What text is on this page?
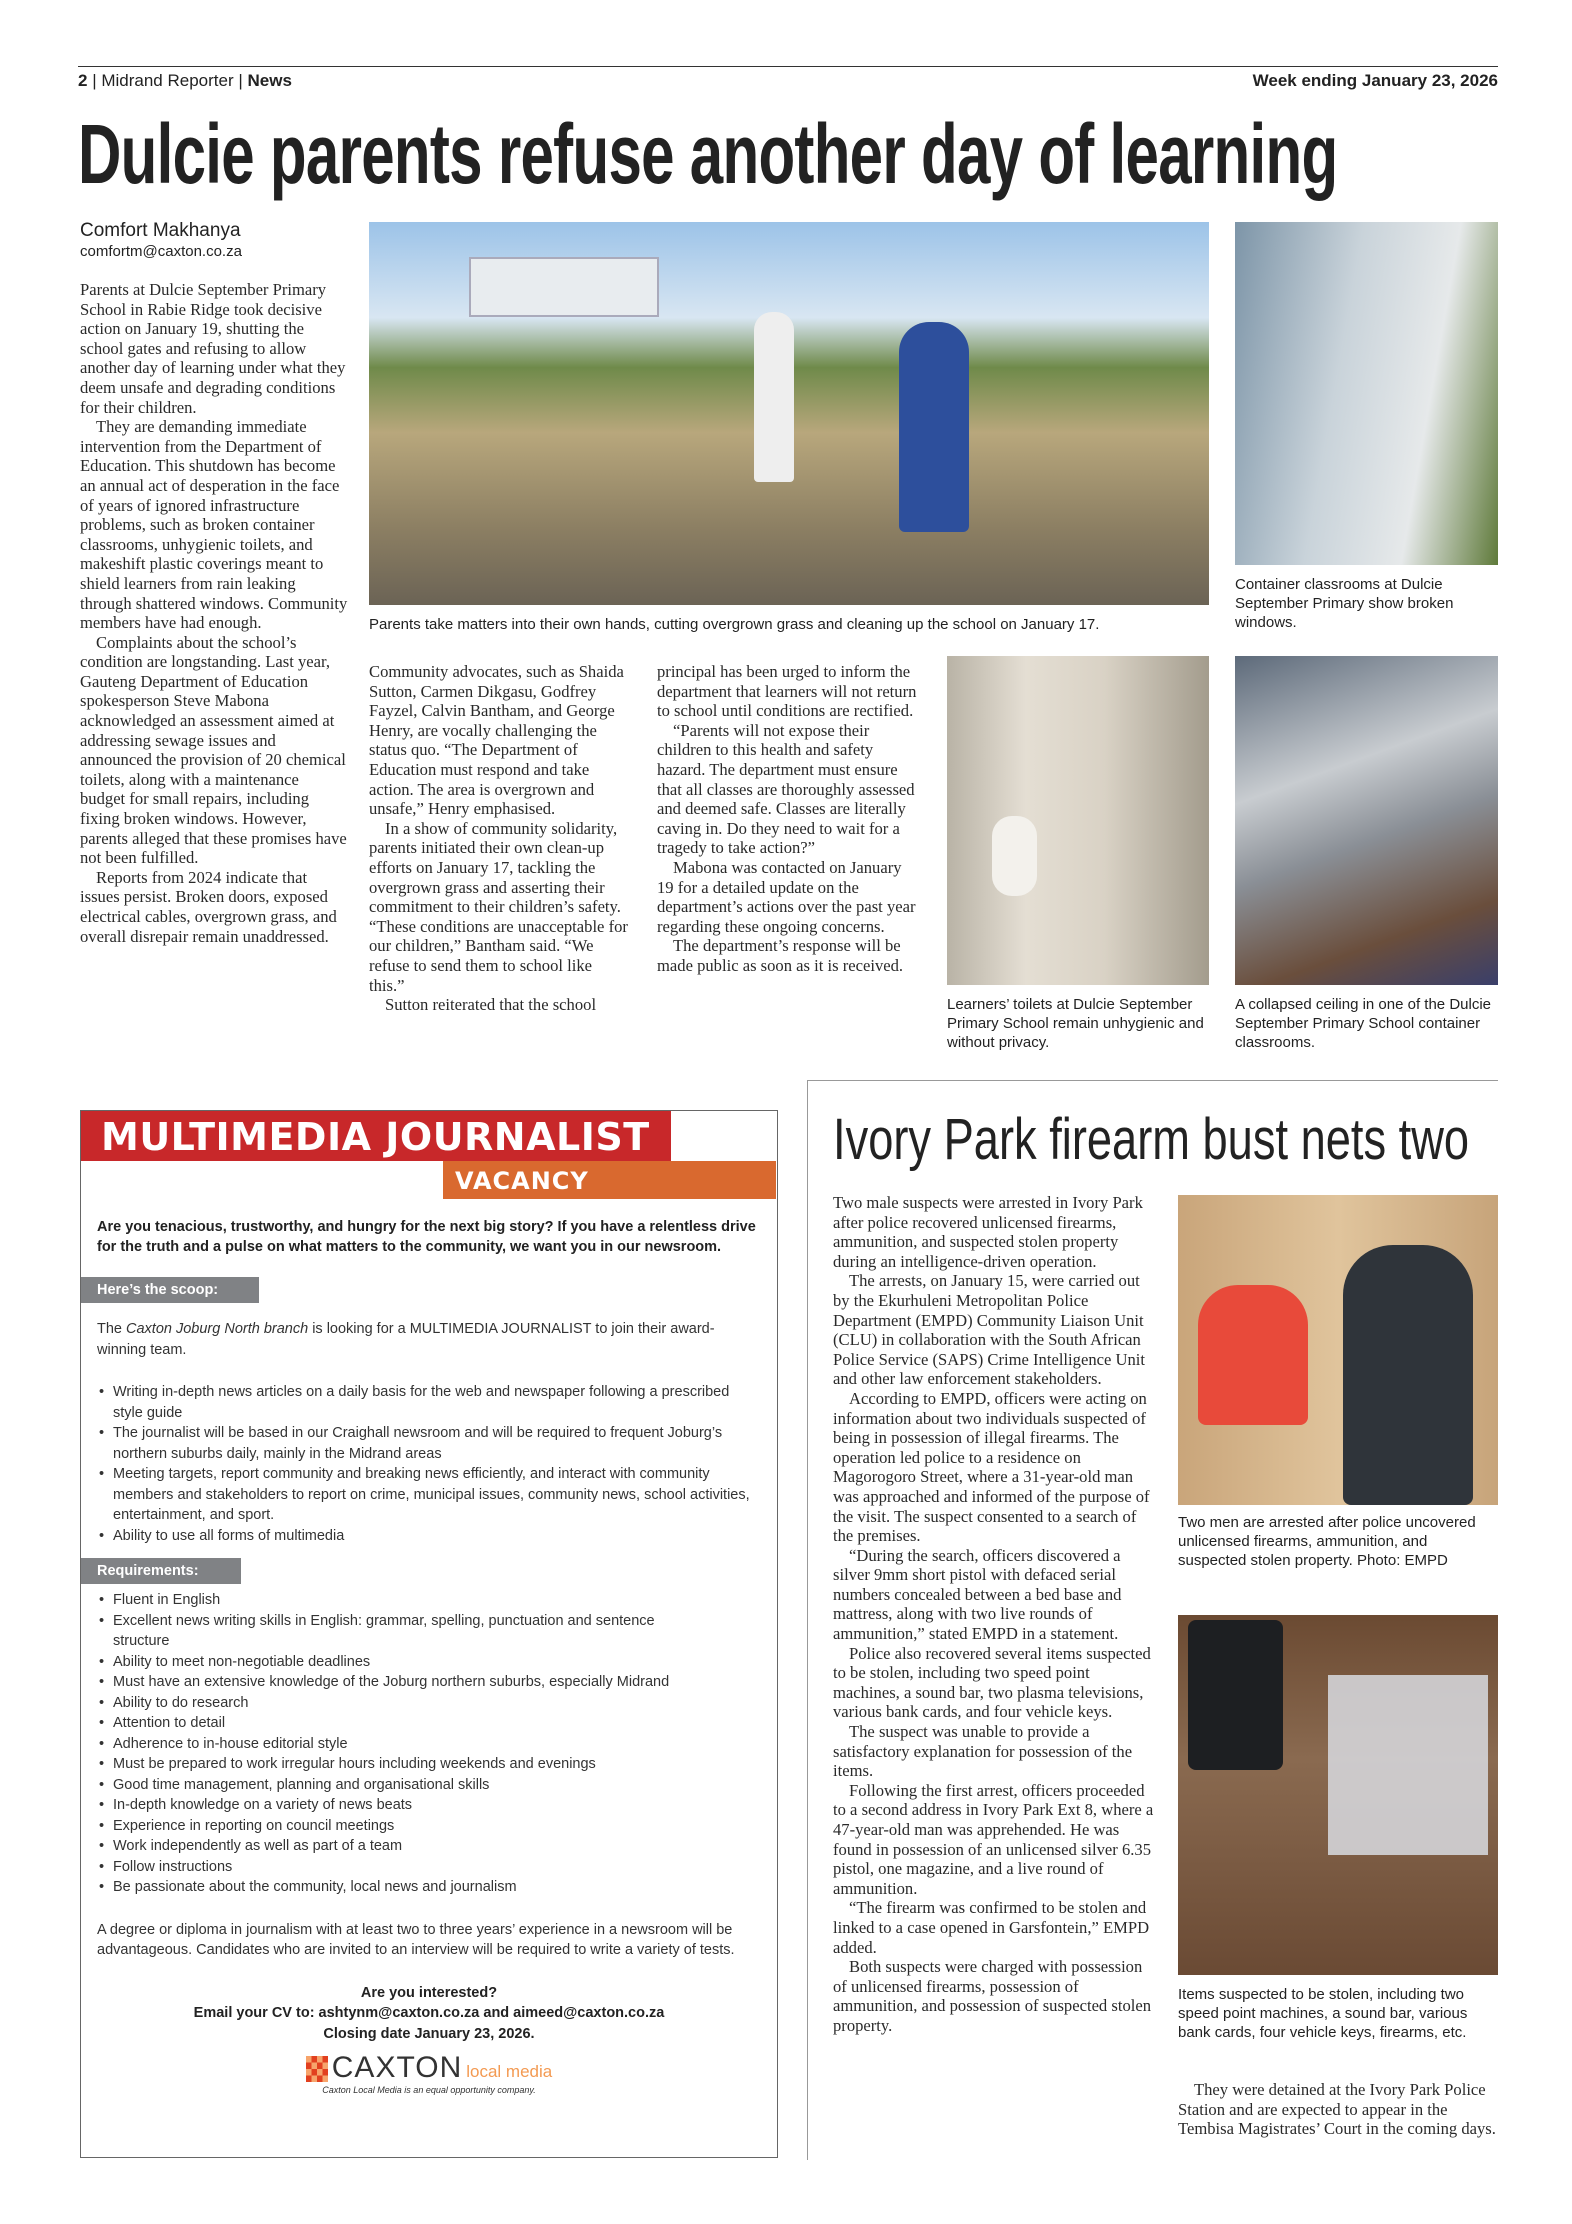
2 | Midrand Reporter | News	Week ending January 23, 2026
Dulcie parents refuse another day of learning
Comfort Makhanya
comfortm@caxton.co.za

Parents at Dulcie September Primary School in Rabie Ridge took decisive action on January 19, shutting the school gates and refusing to allow another day of learning under what they deem unsafe and degrading conditions for their children.

They are demanding immediate intervention from the Department of Education. This shutdown has become an annual act of desperation in the face of years of ignored infrastructure problems, such as broken container classrooms, unhygienic toilets, and makeshift plastic coverings meant to shield learners from rain leaking through shattered windows. Community members have had enough.

Complaints about the school’s condition are longstanding. Last year, Gauteng Department of Education spokesperson Steve Mabona acknowledged an assessment aimed at addressing sewage issues and announced the provision of 20 chemical toilets, along with a maintenance budget for small repairs, including fixing broken windows. However, parents alleged that these promises have not been fulfilled.

Reports from 2024 indicate that issues persist. Broken doors, exposed electrical cables, overgrown grass, and overall disrepair remain unaddressed.

Parents take matters into their own hands, cutting overgrown grass and cleaning up the school on January 17.
Container classrooms at Dulcie September Primary show broken windows.

Community advocates, such as Shaida Sutton, Carmen Dikgasu, Godfrey Fayzel, Calvin Bantham, and George Henry, are vocally challenging the status quo. “The Department of Education must respond and take action. The area is overgrown and unsafe,” Henry emphasised.

In a show of community solidarity, parents initiated their own clean-up efforts on January 17, tackling the overgrown grass and asserting their commitment to their children’s safety. “These conditions are unacceptable for our children,” Bantham said. “We refuse to send them to school like this.”

Sutton reiterated that the school

principal has been urged to inform the department that learners will not return to school until conditions are rectified.

“Parents will not expose their children to this health and safety hazard. The department must ensure that all classes are thoroughly assessed and deemed safe. Classes are literally caving in. Do they need to wait for a tragedy to take action?”

Mabona was contacted on January 19 for a detailed update on the department’s actions over the past year regarding these ongoing concerns.

The department’s response will be made public as soon as it is received.

Learners’ toilets at Dulcie September Primary School remain unhygienic and without privacy.
A collapsed ceiling in one of the Dulcie September Primary School container classrooms.
MULTIMEDIA JOURNALIST
VACANCY
Are you tenacious, trustworthy, and hungry for the next big story? If you have a relentless drive for the truth and a pulse on what matters to the community, we want you in our newsroom.
Here’s the scoop:
The Caxton Joburg North branch is looking for a MULTIMEDIA JOURNALIST to join their award-winning team.
• Writing in-depth news articles on a daily basis for the web and newspaper following a prescribed style guide
• The journalist will be based in our Craighall newsroom and will be required to frequent Joburg’s northern suburbs daily, mainly in the Midrand areas
• Meeting targets, report community and breaking news efficiently, and interact with community members and stakeholders to report on crime, municipal issues, community news, school activities, entertainment, and sport.
• Ability to use all forms of multimedia
Requirements:
• Fluent in English
• Excellent news writing skills in English: grammar, spelling, punctuation and sentence structure
• Ability to meet non-negotiable deadlines
• Must have an extensive knowledge of the Joburg northern suburbs, especially Midrand
• Ability to do research
• Attention to detail
• Adherence to in-house editorial style
• Must be prepared to work irregular hours including weekends and evenings
• Good time management, planning and organisational skills
• In-depth knowledge on a variety of news beats
• Experience in reporting on council meetings
• Work independently as well as part of a team
• Follow instructions
• Be passionate about the community, local news and journalism
A degree or diploma in journalism with at least two to three years’ experience in a newsroom will be advantageous. Candidates who are invited to an interview will be required to write a variety of tests.
Are you interested?
Email your CV to: ashtynm@caxton.co.za and aimeed@caxton.co.za
Closing date January 23, 2026.
CAXTON local media
Caxton Local Media is an equal opportunity company.
Ivory Park firearm bust nets two

Two male suspects were arrested in Ivory Park after police recovered unlicensed firearms, ammunition, and suspected stolen property during an intelligence-driven operation.

The arrests, on January 15, were carried out by the Ekurhuleni Metropolitan Police Department (EMPD) Community Liaison Unit (CLU) in collaboration with the South African Police Service (SAPS) Crime Intelligence Unit and other law enforcement stakeholders.

According to EMPD, officers were acting on information about two individuals suspected of being in possession of illegal firearms. The operation led police to a residence on Magorogoro Street, where a 31-year-old man was approached and informed of the purpose of the visit. The suspect consented to a search of the premises.

“During the search, officers discovered a silver 9mm short pistol with defaced serial numbers concealed between a bed base and mattress, along with two live rounds of ammunition,” stated EMPD in a statement.

Police also recovered several items suspected to be stolen, including two speed point machines, a sound bar, two plasma televisions, various bank cards, and four vehicle keys.

The suspect was unable to provide a satisfactory explanation for possession of the items.

Following the first arrest, officers proceeded to a second address in Ivory Park Ext 8, where a 47-year-old man was apprehended. He was found in possession of an unlicensed silver 6.35 pistol, one magazine, and a live round of ammunition.

“The firearm was confirmed to be stolen and linked to a case opened in Garsfontein,” EMPD added.

Both suspects were charged with possession of unlicensed firearms, possession of ammunition, and possession of suspected stolen property.

Two men are arrested after police uncovered unlicensed firearms, ammunition, and suspected stolen property. Photo: EMPD
Items suspected to be stolen, including two speed point machines, a sound bar, various bank cards, four vehicle keys, firearms, etc.

They were detained at the Ivory Park Police Station and are expected to appear in the Tembisa Magistrates’ Court in the coming days.
